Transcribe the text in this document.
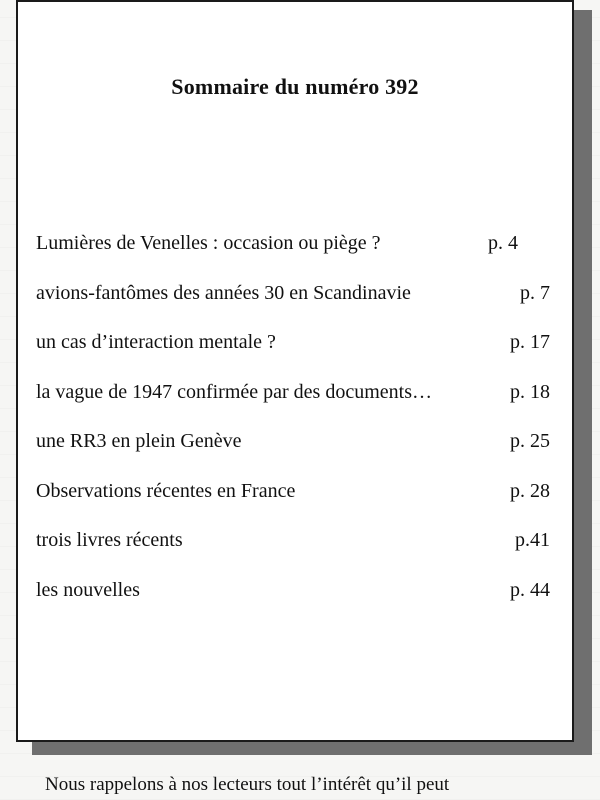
Sommaire du numéro 392
Lumières de Venelles : occasion ou piège ?	p. 4
avions-fantômes des années 30 en Scandinavie	p. 7
un cas d’interaction mentale ?	p. 17
la vague de 1947 confirmée par des documents…	p. 18
une RR3 en plein Genève	p. 25
Observations récentes en France	p. 28
trois livres récents	p.41
les nouvelles	p. 44

Nous rappelons à nos lecteurs tout l’intérêt qu’il peut
